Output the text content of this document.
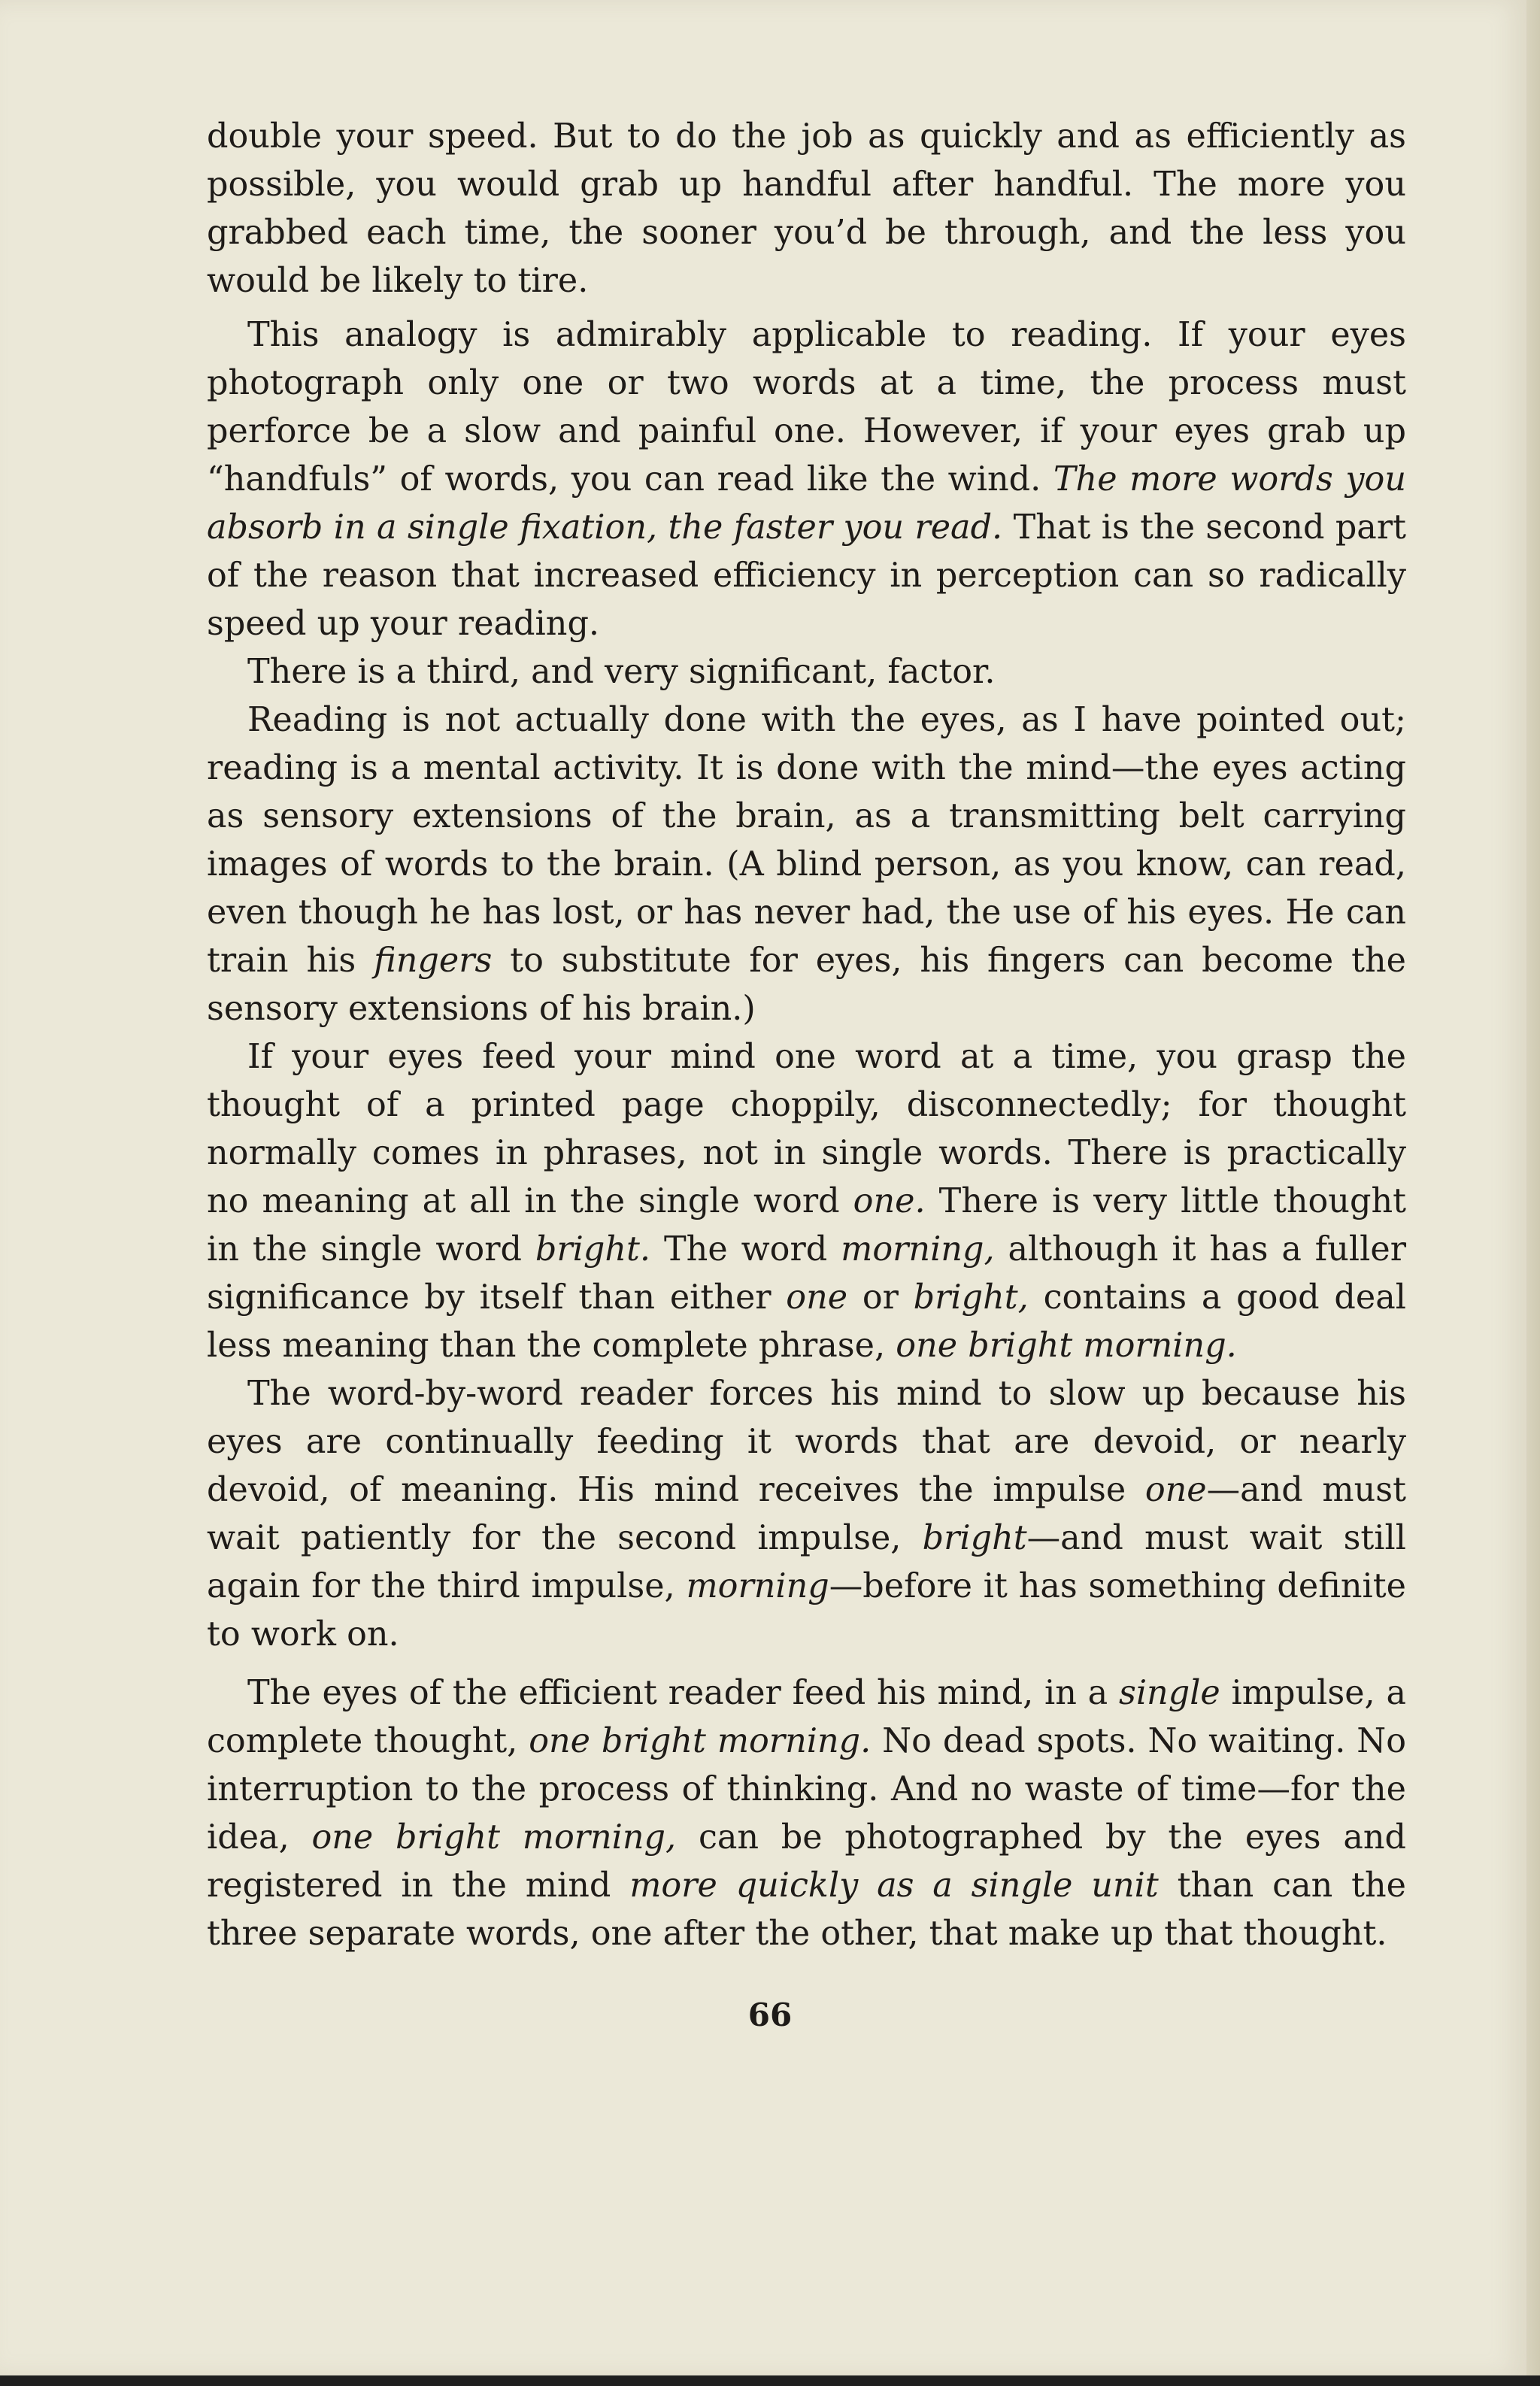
double your speed. But to do the job as quickly and as efficiently as possible, you would grab up handful after handful. The more you grabbed each time, the sooner you’d be through, and the less you would be likely to tire.

This analogy is admirably applicable to reading. If your eyes photograph only one or two words at a time, the process must perforce be a slow and painful one. However, if your eyes grab up “handfuls” of words, you can read like the wind. The more words you absorb in a single fixation, the faster you read. That is the second part of the reason that increased efficiency in perception can so radically speed up your reading.

There is a third, and very significant, factor.

Reading is not actually done with the eyes, as I have pointed out; reading is a mental activity. It is done with the mind—the eyes acting as sensory extensions of the brain, as a transmitting belt carrying images of words to the brain. (A blind person, as you know, can read, even though he has lost, or has never had, the use of his eyes. He can train his fingers to substitute for eyes, his fingers can become the sensory extensions of his brain.)

If your eyes feed your mind one word at a time, you grasp the thought of a printed page choppily, disconnectedly; for thought normally comes in phrases, not in single words. There is practically no meaning at all in the single word one. There is very little thought in the single word bright. The word morning, although it has a fuller significance by itself than either one or bright, contains a good deal less meaning than the complete phrase, one bright morning.

The word-by-word reader forces his mind to slow up because his eyes are continually feeding it words that are devoid, or nearly devoid, of meaning. His mind receives the impulse one—and must wait patiently for the second impulse, bright—and must wait still again for the third impulse, morning—before it has something definite to work on.

The eyes of the efficient reader feed his mind, in a single impulse, a complete thought, one bright morning. No dead spots. No waiting. No interruption to the process of thinking. And no waste of time—for the idea, one bright morning, can be photographed by the eyes and registered in the mind more quickly as a single unit than can the three separate words, one after the other, that make up that thought.

66
